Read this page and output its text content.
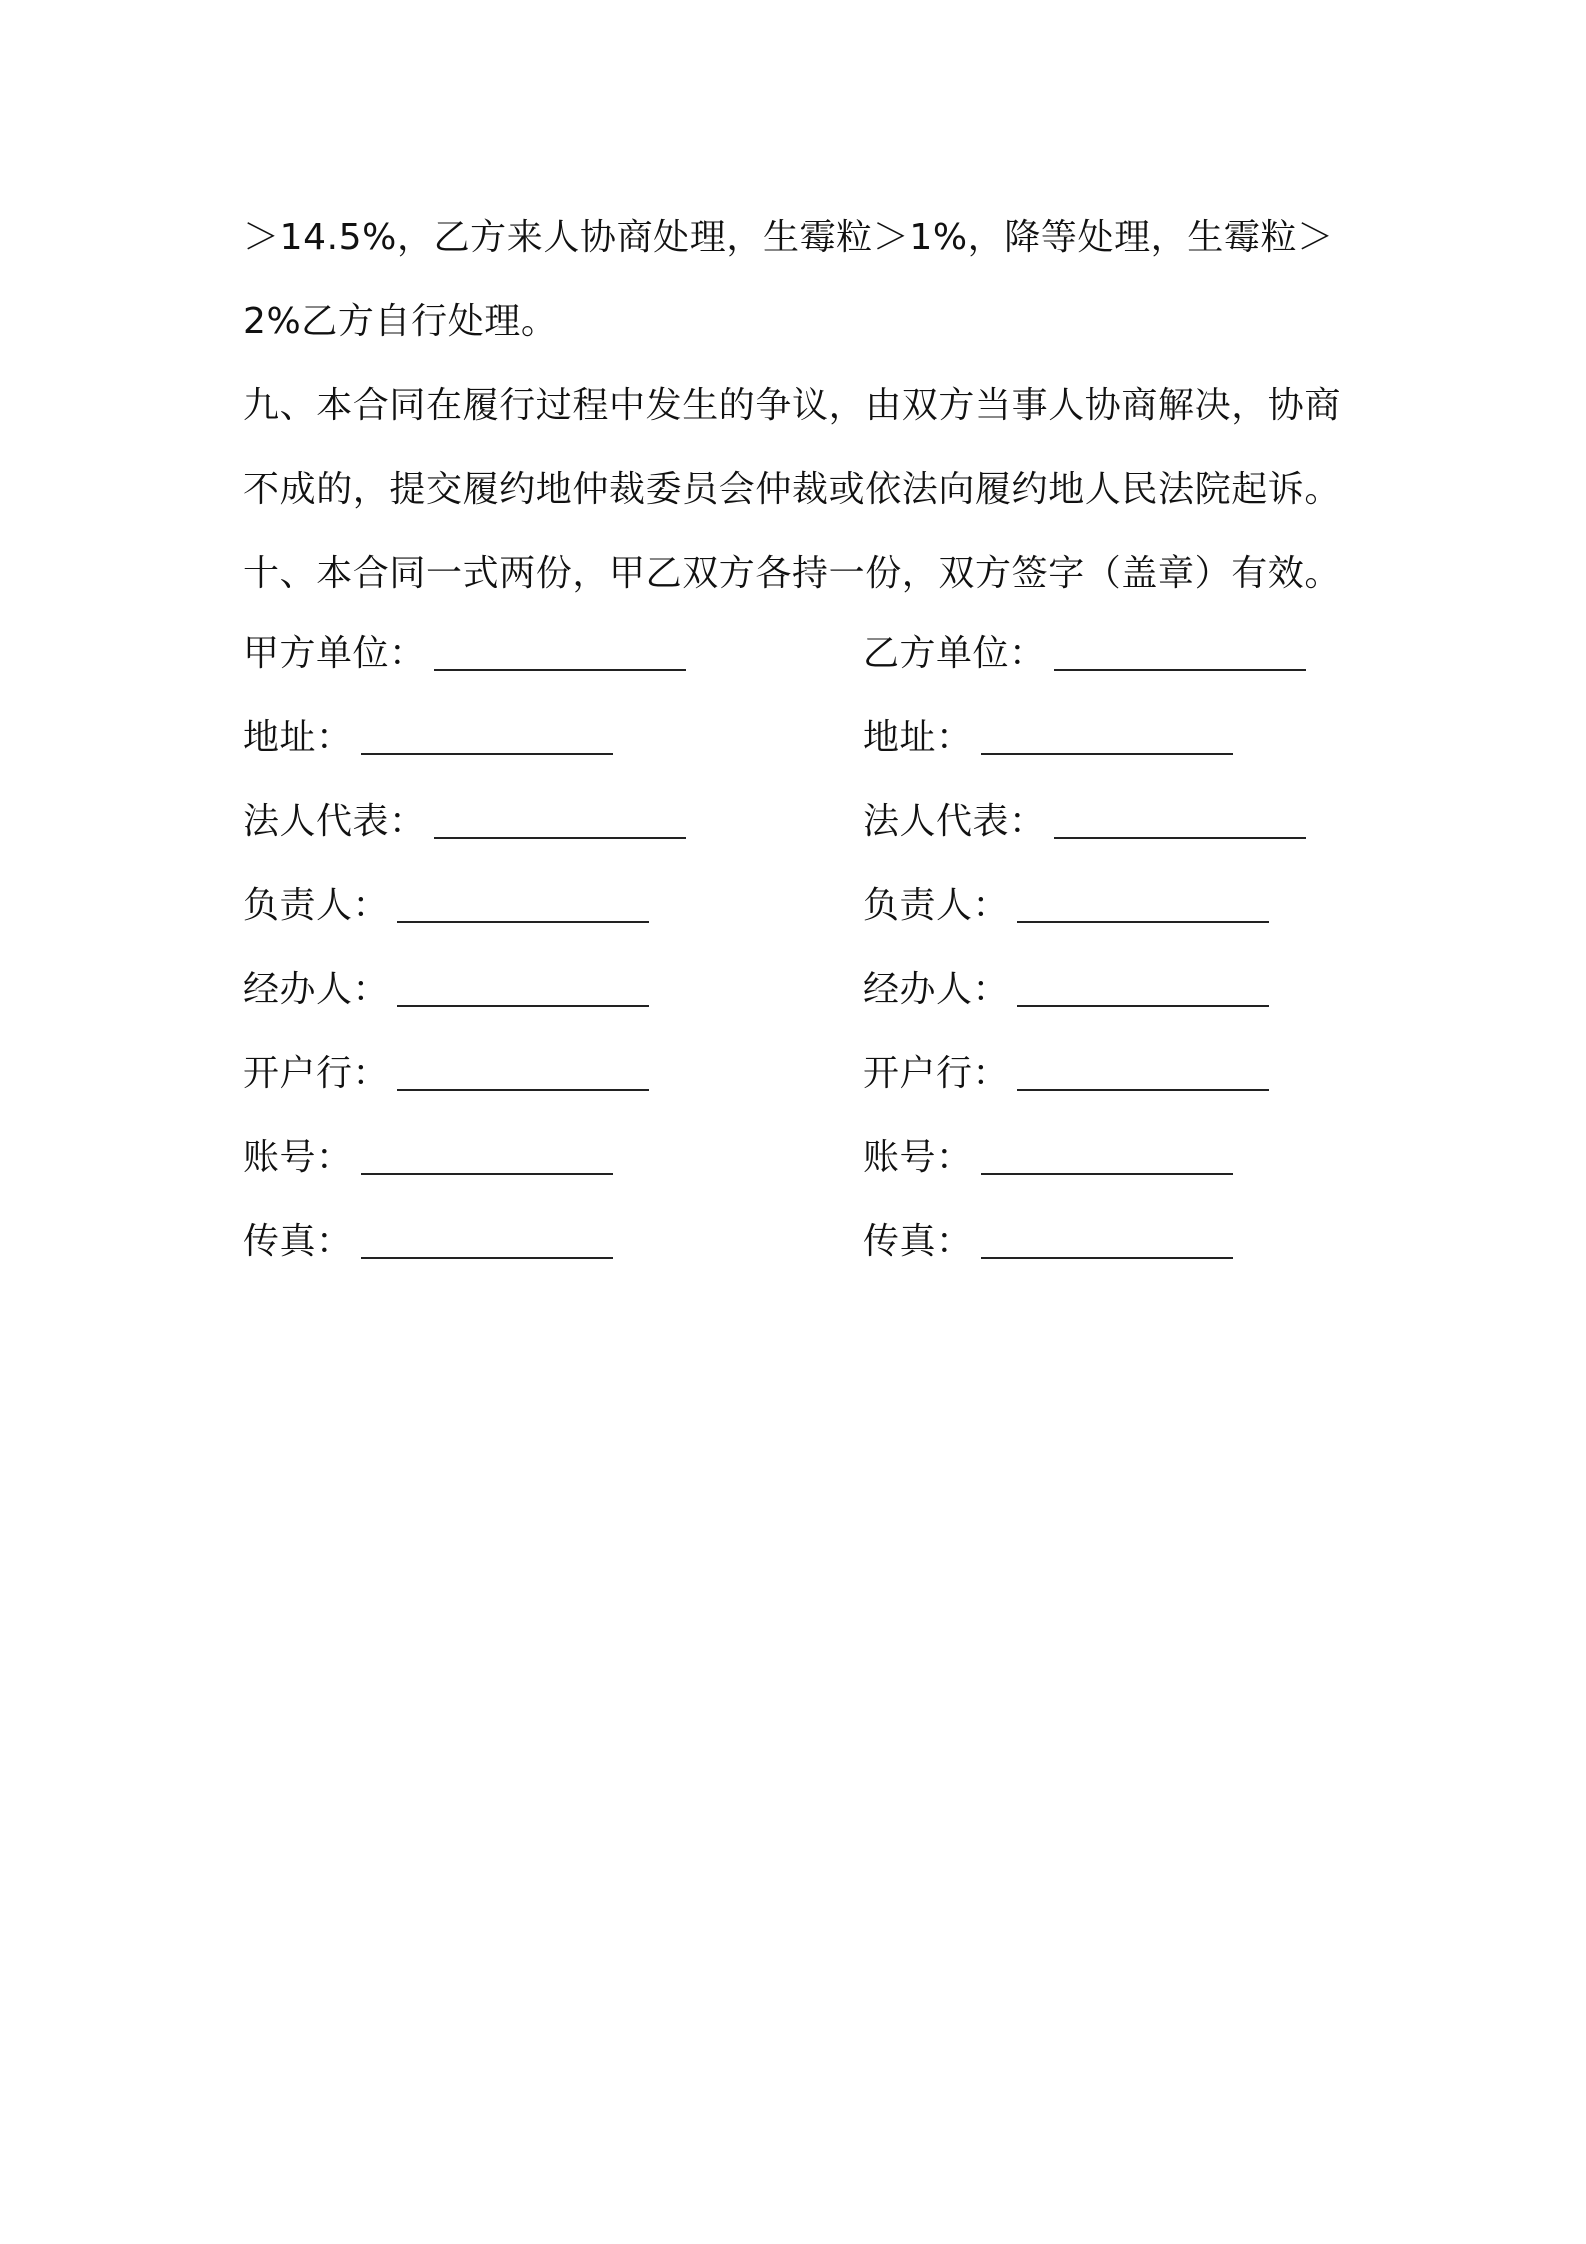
＞14.5%，乙方来人协商处理，生霉粒＞1%，降等处理，生霉粒＞
2%乙方自行处理。
九、本合同在履行过程中发生的争议，由双方当事人协商解决，协商
不成的，提交履约地仲裁委员会仲裁或依法向履约地人民法院起诉。
十、本合同一式两份，甲乙双方各持一份，双方签字（盖章）有效。
甲方单位：	乙方单位：
地址：	地址：
法人代表：	法人代表：
负责人：	负责人：
经办人：	经办人：
开户行：	开户行：
账号：	账号：
传真：	传真：
